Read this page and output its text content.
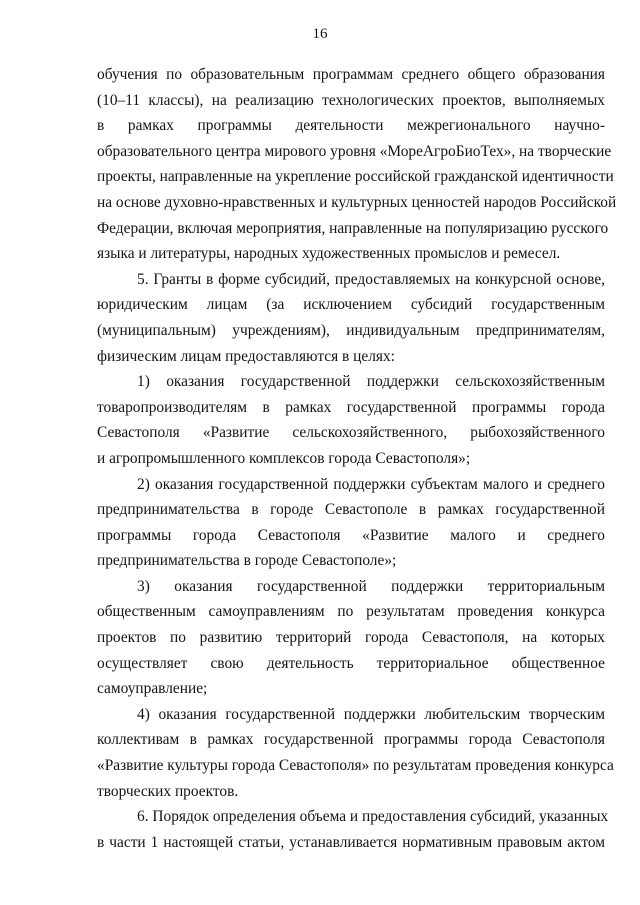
16
обучения по образовательным программам среднего общего образования
(10–11 классы), на реализацию технологических проектов, выполняемых
в рамках программы деятельности межрегионального научно-
образовательного центра мирового уровня «МореАгроБиоТех», на творческие
проекты, направленные на укрепление российской гражданской идентичности
на основе духовно-нравственных и культурных ценностей народов Российской
Федерации, включая мероприятия, направленные на популяризацию русского
языка и литературы, народных художественных промыслов и ремесел.
5. Гранты в форме субсидий, предоставляемых на конкурсной основе,
юридическим лицам (за исключением субсидий государственным
(муниципальным) учреждениям), индивидуальным предпринимателям,
физическим лицам предоставляются в целях:
1) оказания государственной поддержки сельскохозяйственным
товаропроизводителям в рамках государственной программы города
Севастополя «Развитие сельскохозяйственного, рыбохозяйственного
и агропромышленного комплексов города Севастополя»;
2) оказания государственной поддержки субъектам малого и среднего
предпринимательства в городе Севастополе в рамках государственной
программы города Севастополя «Развитие малого и среднего
предпринимательства в городе Севастополе»;
3) оказания государственной поддержки территориальным
общественным самоуправлениям по результатам проведения конкурса
проектов по развитию территорий города Севастополя, на которых
осуществляет свою деятельность территориальное общественное
самоуправление;
4) оказания государственной поддержки любительским творческим
коллективам в рамках государственной программы города Севастополя
«Развитие культуры города Севастополя» по результатам проведения конкурса
творческих проектов.
6. Порядок определения объема и предоставления субсидий, указанных
в части 1 настоящей статьи, устанавливается нормативным правовым актом
